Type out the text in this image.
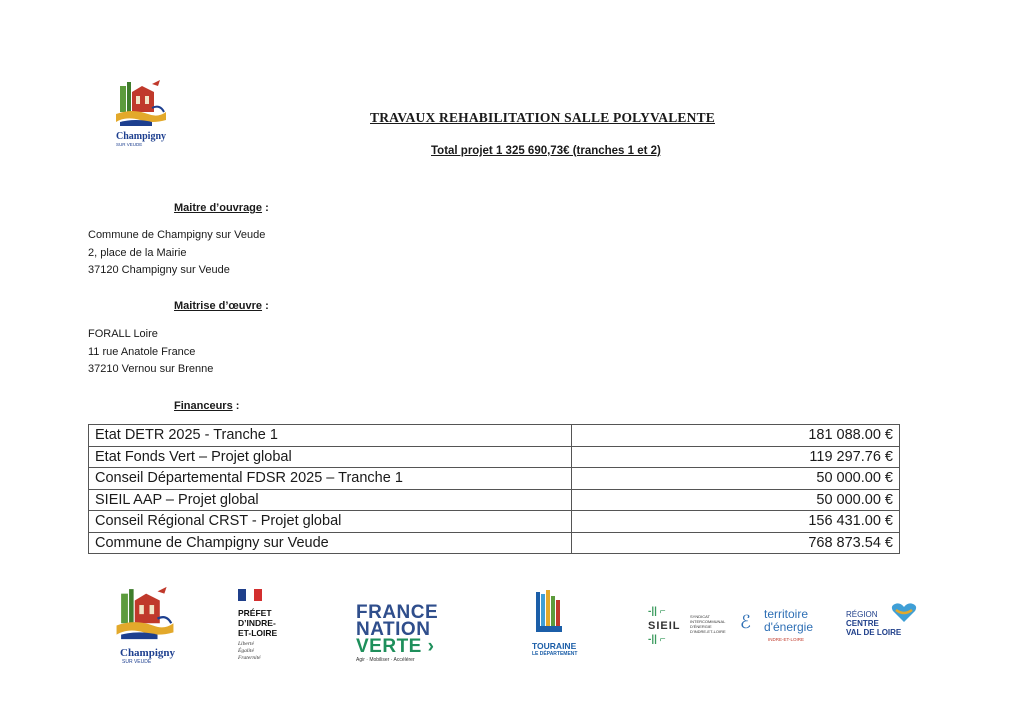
Champigny
SUR VEUDE
TRAVAUX REHABILITATION SALLE POLYVALENTE
Total projet 1 325 690,73€ (tranches 1 et 2)
Maitre d’ouvrage :
Commune de Champigny sur Veude
2, place de la Mairie
37120 Champigny sur Veude
Maitrise d’œuvre :
FORALL Loire
11 rue Anatole France
37210 Vernou sur Brenne
Financeurs :
Etat DETR 2025 - Tranche 1	181 088.00 €
Etat Fonds Vert – Projet global	119 297.76 €
Conseil Départemental FDSR 2025 – Tranche 1	50 000.00 €
SIEIL AAP – Projet global	50 000.00 €
Conseil Régional CRST - Projet global	156 431.00 €
Commune de Champigny sur Veude	768 873.54 €
Champigny
SUR VEUDE
PRÉFET
D’INDRE-
ET-LOIRE
Liberté
Égalité
Fraternité
FRANCE
NATION
VERTE ›
Agir · Mobiliser · Accélérer
TOURAINE
LE DÉPARTEMENT
-|| ⌐
SIEIL
SYNDICAT
INTERCOMMUNAL
D'ÉNERGIE
D'INDRE-ET-LOIRE
-|| ⌐
ℰ territoire
d'énergie
INDRE-ET-LOIRE
RÉGION
CENTRE
VAL DE LOIRE
